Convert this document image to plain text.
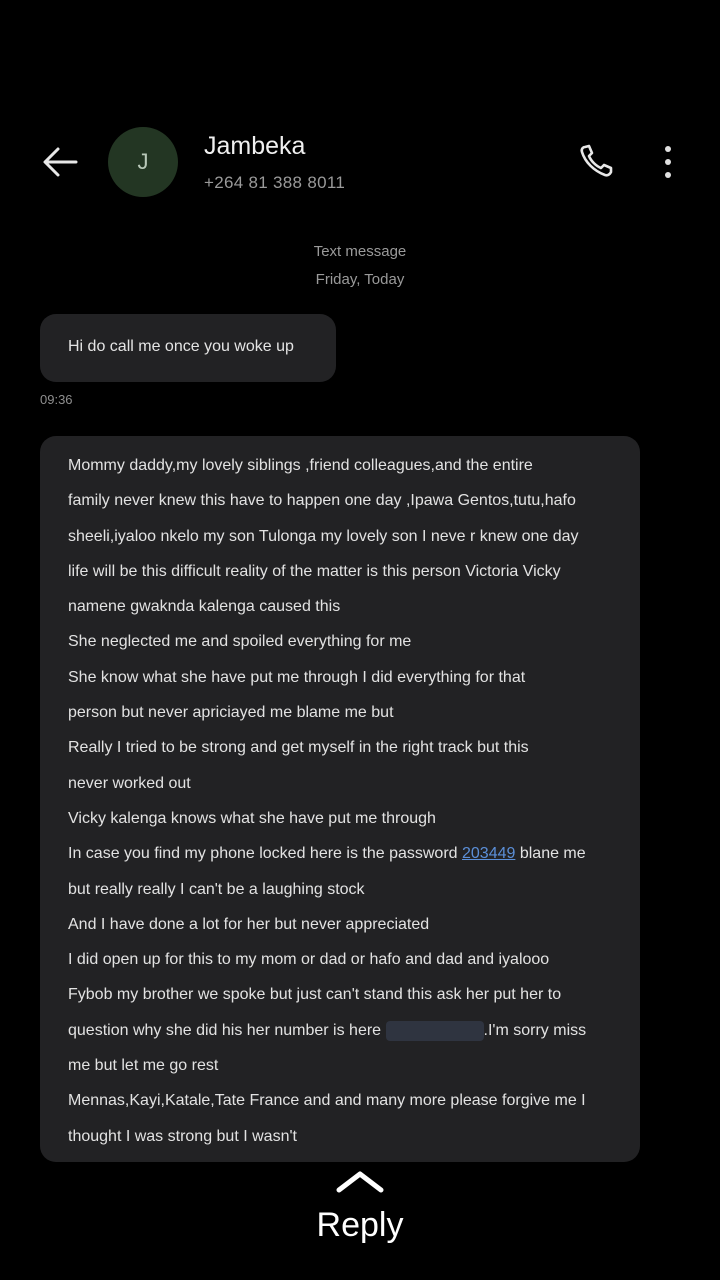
J
Jambeka
+264 81 388 8011
Text message
Friday, Today
Hi do call me once you woke up
09:36
Mommy daddy,my lovely siblings ,friend colleagues,and the entire
family never knew this have to happen one day ,Ipawa Gentos,tutu,hafo
sheeli,iyaloo nkelo my son Tulonga my lovely son I neve r knew one day
life will be this difficult reality of the matter is this person Victoria Vicky
namene gwaknda kalenga caused this
She neglected me and spoiled everything for me
She know what she have put me through I did everything for that
person but never apriciayed me blame me but
Really I tried to be strong and get myself in the right track but this
never worked out
Vicky kalenga knows what she have put me through
In case you find my phone locked here is the password 203449 blane me
but really really I can't be a laughing stock
And I have done a lot for her but never appreciated
I did open up for this to my mom or dad or hafo and dad and iyalooo
Fybob my brother we spoke but just can't stand this ask her put her to
question why she did his her number is here	.I'm sorry miss
me but let me go rest
Mennas,Kayi,Katale,Tate France and and many more please forgive me I
thought I was strong but I wasn't
Reply
